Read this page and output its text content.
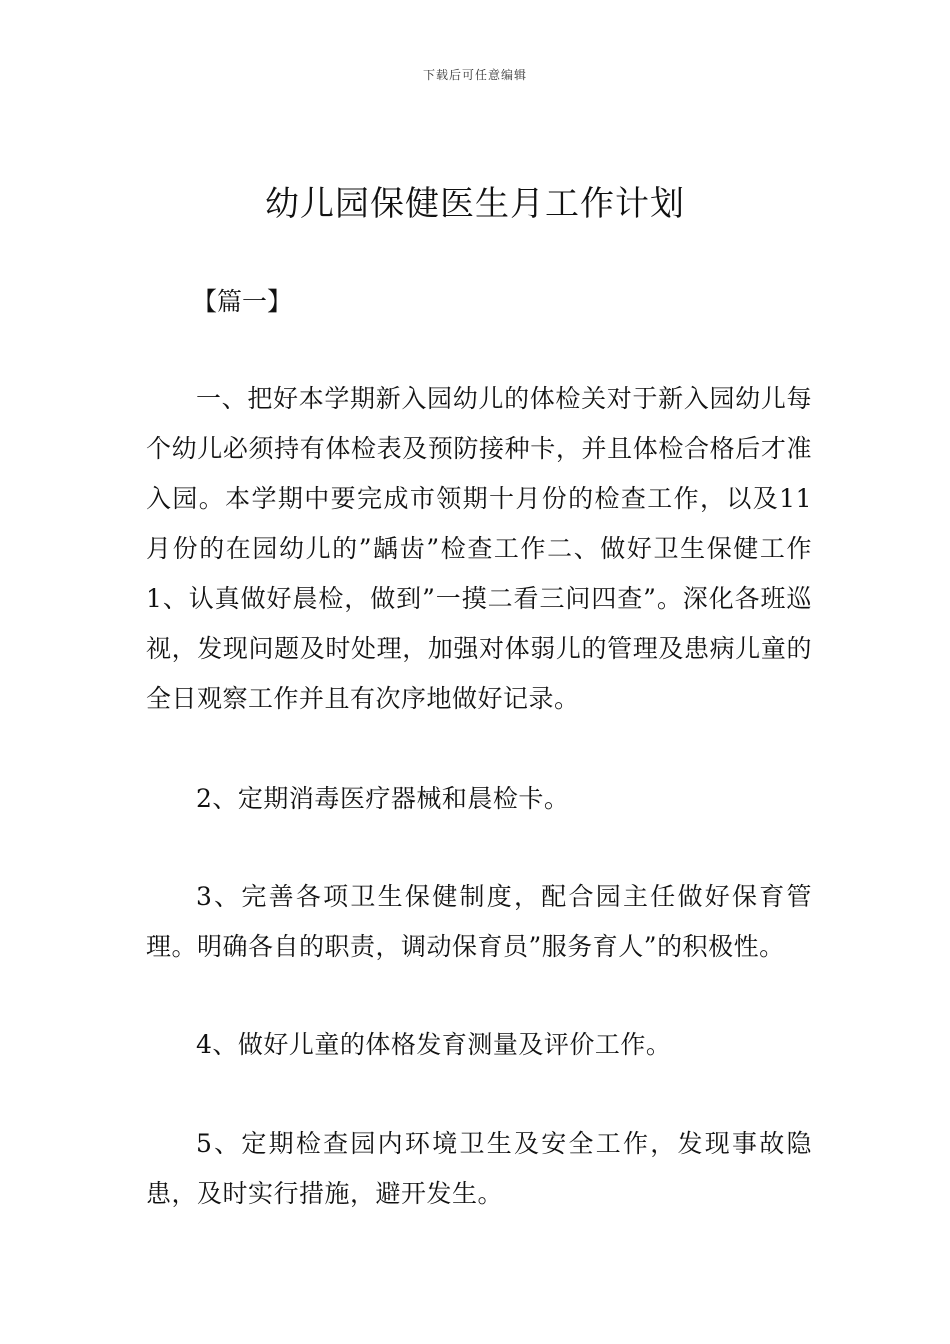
下载后可任意编辑
幼儿园保健医生月工作计划

【篇一】

一、把好本学期新入园幼儿的体检关对于新入园幼儿每个幼儿必须持有体检表及预防接种卡，并且体检合格后才准入园。本学期中要完成市领期十月份的检查工作，以及11月份的在园幼儿的”龋齿”检查工作二、做好卫生保健工作1、认真做好晨检，做到”一摸二看三问四查”。深化各班巡视，发现问题及时处理，加强对体弱儿的管理及患病儿童的全日观察工作并且有次序地做好记录。

2、定期消毒医疗器械和晨检卡。

3、完善各项卫生保健制度，配合园主任做好保育管理。明确各自的职责，调动保育员”服务育人”的积极性。

4、做好儿童的体格发育测量及评价工作。

5、定期检查园内环境卫生及安全工作，发现事故隐患，及时实行措施，避开发生。
